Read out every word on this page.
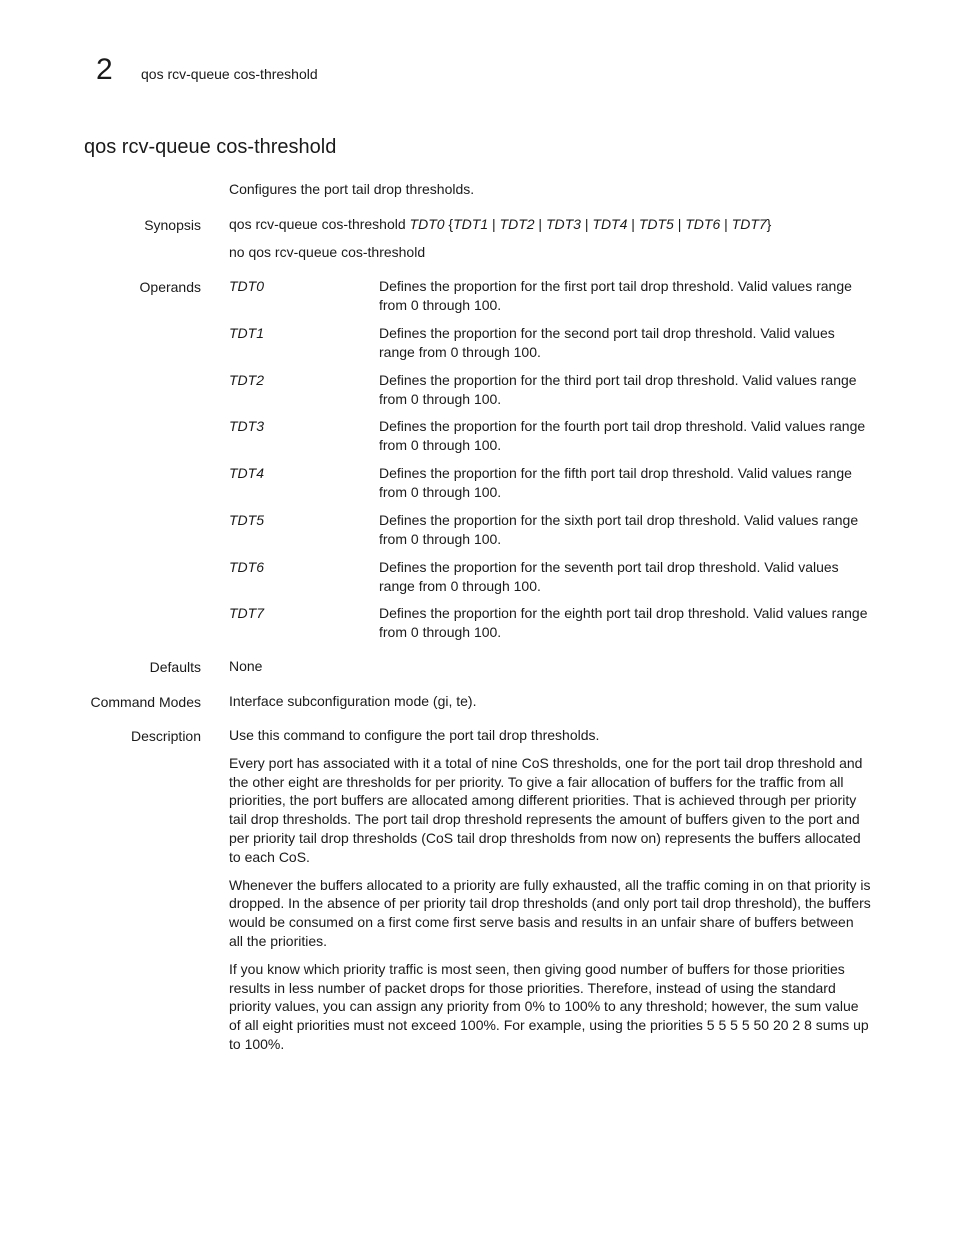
2 qos rcv-queue cos-threshold
qos rcv-queue cos-threshold
Configures the port tail drop thresholds.
Synopsis qos rcv-queue cos-threshold TDT0 {TDT1 | TDT2 | TDT3 | TDT4 | TDT5 | TDT6 | TDT7}
no qos rcv-queue cos-threshold
Operands TDT0	Defines the proportion for the first port tail drop threshold. Valid values range from 0 through 100.
TDT1	Defines the proportion for the second port tail drop threshold. Valid values range from 0 through 100.
TDT2	Defines the proportion for the third port tail drop threshold. Valid values range from 0 through 100.
TDT3	Defines the proportion for the fourth port tail drop threshold. Valid values range from 0 through 100.
TDT4	Defines the proportion for the fifth port tail drop threshold. Valid values range from 0 through 100.
TDT5	Defines the proportion for the sixth port tail drop threshold. Valid values range from 0 through 100.
TDT6	Defines the proportion for the seventh port tail drop threshold. Valid values range from 0 through 100.
TDT7	Defines the proportion for the eighth port tail drop threshold. Valid values range from 0 through 100.
Defaults None
Command Modes Interface subconfiguration mode (gi, te).
Description Use this command to configure the port tail drop thresholds.

Every port has associated with it a total of nine CoS thresholds, one for the port tail drop threshold and the other eight are thresholds for per priority. To give a fair allocation of buffers for the traffic from all priorities, the port buffers are allocated among different priorities. That is achieved through per priority tail drop thresholds. The port tail drop threshold represents the amount of buffers given to the port and per priority tail drop thresholds (CoS tail drop thresholds from now on) represents the buffers allocated to each CoS.

Whenever the buffers allocated to a priority are fully exhausted, all the traffic coming in on that priority is dropped. In the absence of per priority tail drop thresholds (and only port tail drop threshold), the buffers would be consumed on a first come first serve basis and results in an unfair share of buffers between all the priorities.

If you know which priority traffic is most seen, then giving good number of buffers for those priorities results in less number of packet drops for those priorities. Therefore, instead of using the standard priority values, you can assign any priority from 0% to 100% to any threshold; however, the sum value of all eight priorities must not exceed 100%. For example, using the priorities 5 5 5 5 50 20 2 8 sums up to 100%.
